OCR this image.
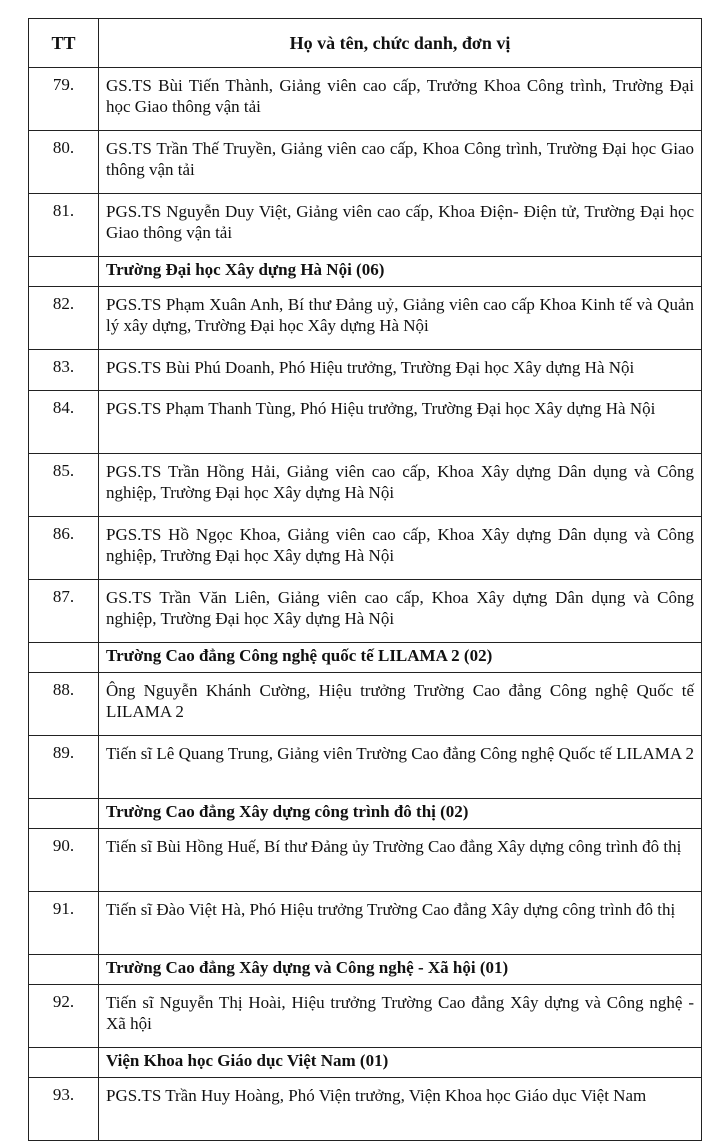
TT	Họ và tên, chức danh, đơn vị
79.	GS.TS Bùi Tiến Thành, Giảng viên cao cấp, Trưởng Khoa Công trình, Trường Đại học Giao thông vận tải
80.	GS.TS Trần Thế Truyền, Giảng viên cao cấp, Khoa Công trình, Trường Đại học Giao thông vận tải
81.	PGS.TS Nguyễn Duy Việt, Giảng viên cao cấp, Khoa Điện- Điện tử, Trường Đại học Giao thông vận tải
	Trường Đại học Xây dựng Hà Nội (06)
82.	PGS.TS Phạm Xuân Anh, Bí thư Đảng uỷ, Giảng viên cao cấp Khoa Kinh tế và Quản lý xây dựng, Trường Đại học Xây dựng Hà Nội
83.	PGS.TS Bùi Phú Doanh, Phó Hiệu trưởng, Trường Đại học Xây dựng Hà Nội
84.	PGS.TS Phạm Thanh Tùng, Phó Hiệu trưởng, Trường Đại học Xây dựng Hà Nội
85.	PGS.TS Trần Hồng Hải, Giảng viên cao cấp, Khoa Xây dựng Dân dụng và Công nghiệp, Trường Đại học Xây dựng Hà Nội
86.	PGS.TS Hồ Ngọc Khoa, Giảng viên cao cấp, Khoa Xây dựng Dân dụng và Công nghiệp, Trường Đại học Xây dựng Hà Nội
87.	GS.TS Trần Văn Liên, Giảng viên cao cấp, Khoa Xây dựng Dân dụng và Công nghiệp, Trường Đại học Xây dựng Hà Nội
	Trường Cao đẳng Công nghệ quốc tế LILAMA 2 (02)
88.	Ông Nguyễn Khánh Cường, Hiệu trưởng Trường Cao đẳng Công nghệ Quốc tế LILAMA 2
89.	Tiến sĩ Lê Quang Trung, Giảng viên Trường Cao đẳng Công nghệ Quốc tế LILAMA 2
	Trường Cao đẳng Xây dựng công trình đô thị (02)
90.	Tiến sĩ Bùi Hồng Huế, Bí thư Đảng ủy Trường Cao đẳng Xây dựng công trình đô thị
91.	Tiến sĩ Đào Việt Hà, Phó Hiệu trưởng Trường Cao đẳng Xây dựng công trình đô thị
	Trường Cao đẳng Xây dựng và Công nghệ - Xã hội (01)
92.	Tiến sĩ Nguyễn Thị Hoài, Hiệu trưởng Trường Cao đẳng Xây dựng và Công nghệ - Xã hội
	Viện Khoa học Giáo dục Việt Nam (01)
93.	PGS.TS Trần Huy Hoàng, Phó Viện trưởng, Viện Khoa học Giáo dục Việt Nam
